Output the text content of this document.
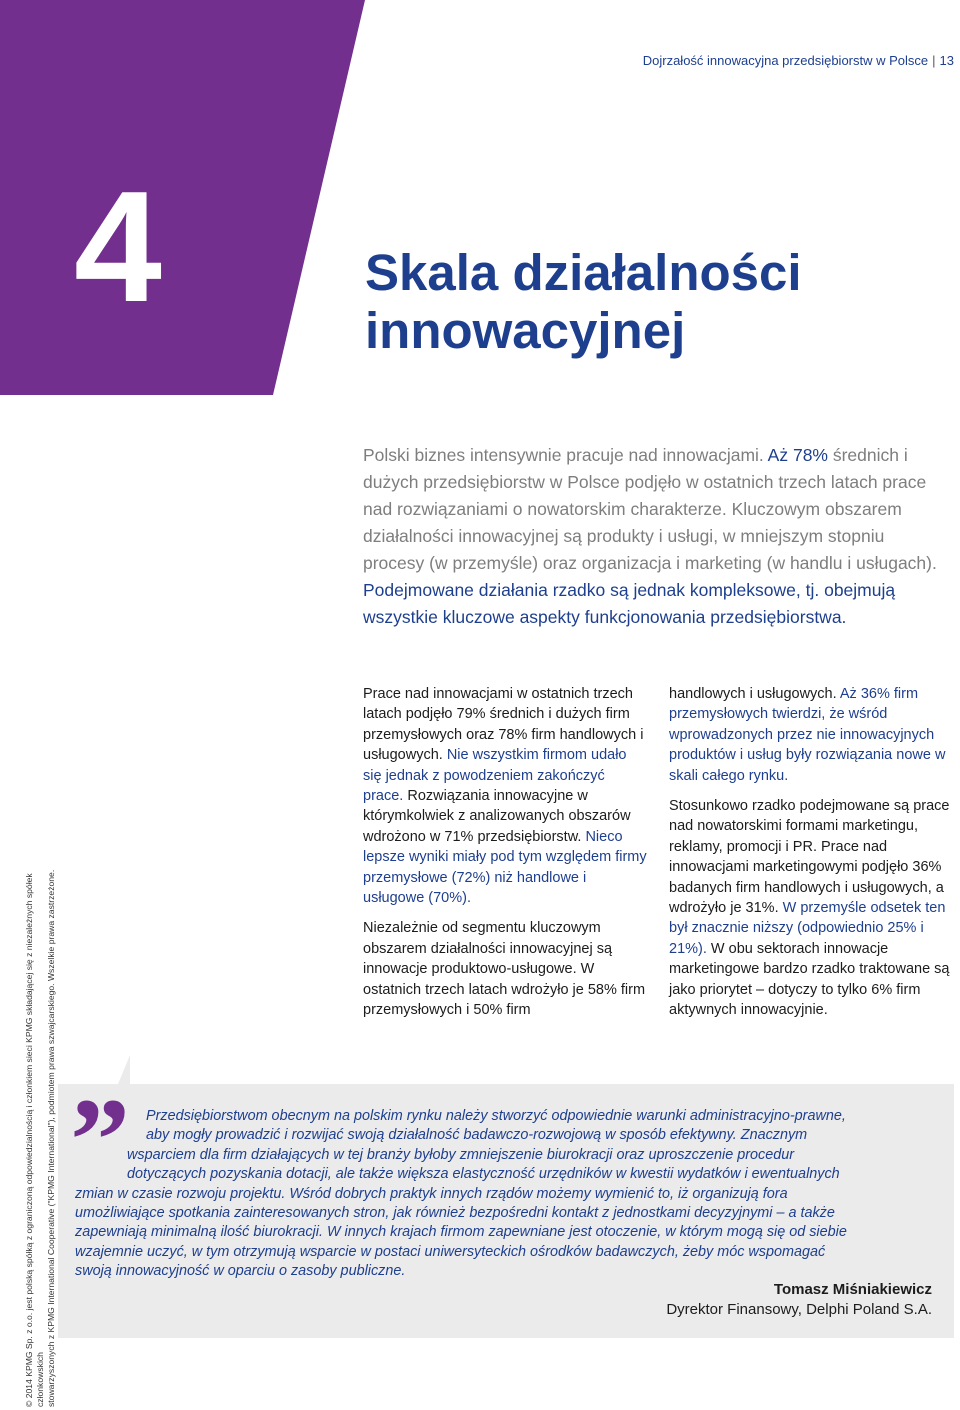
4
Dojrzałość innowacyjna przedsiębiorstw w Polsce | 13
Skala działalności
innowacyjnej

Polski biznes intensywnie pracuje nad innowacjami. Aż 78% średnich i dużych przedsiębiorstw w Polsce podjęło w ostatnich trzech latach prace nad rozwiązaniami o nowatorskim charakterze. Kluczowym obszarem działalności innowacyjnej są produkty i usługi, w mniejszym stopniu procesy (w przemyśle) oraz organizacja i marketing (w handlu i usługach). Podejmowane działania rzadko są jednak kompleksowe, tj. obejmują wszystkie kluczowe aspekty funkcjonowania przedsiębiorstwa.

Prace nad innowacjami w ostatnich trzech latach podjęło 79% średnich i dużych firm przemysłowych oraz 78% firm handlowych i usługowych. Nie wszystkim firmom udało się jednak z powodzeniem zakończyć prace. Rozwiązania innowacyjne w którymkolwiek z analizowanych obszarów wdrożono w 71% przedsiębiorstw. Nieco lepsze wyniki miały pod tym względem firmy przemysłowe (72%) niż handlowe i usługowe (70%).

Niezależnie od segmentu kluczowym obszarem działalności innowacyjnej są innowacje produktowo-usługowe. W ostatnich trzech latach wdrożyło je 58% firm przemysłowych i 50% firm

handlowych i usługowych. Aż 36% firm przemysłowych twierdzi, że wśród wprowadzonych przez nie innowacyjnych produktów i usług były rozwiązania nowe w skali całego rynku.

Stosunkowo rzadko podejmowane są prace nad nowatorskimi formami marketingu, reklamy, promocji i PR. Prace nad innowacjami marketingowymi podjęło 36% badanych firm handlowych i usługowych, a wdrożyło je 31%. W przemyśle odsetek ten był znacznie niższy (odpowiednio 25% i 21%). W obu sektorach innowacje marketingowe bardzo rzadko traktowane są jako priorytet – dotyczy to tylko 6% firm aktywnych innowacyjnie.

© 2014 KPMG Sp. z o.o. jest polską spółką z ograniczoną odpowiedzialnością i członkiem sieci KPMG składającej się z niezależnych spółek członkowskich stowarzyszonych z KPMG International Cooperative ("KPMG International"), podmiotem prawa szwajcarskiego. Wszelkie prawa zastrzeżone. ”	Przedsiębiorstwom obecnym na polskim rynku należy stworzyć odpowiednie warunki administracyjno-prawne,
aby mogły prowadzić i rozwijać swoją działalność badawczo-rozwojową w sposób efektywny. Znacznym
wsparciem dla firm działających w tej branży byłoby zmniejszenie biurokracji oraz uproszczenie procedur
dotyczących pozyskania dotacji, ale także większa elastyczność urzędników w kwestii wydatków i ewentualnych
zmian w czasie rozwoju projektu. Wśród dobrych praktyk innych rządów możemy wymienić to, iż organizują fora
umożliwiające spotkania zainteresowanych stron, jak również bezpośredni kontakt z jednostkami decyzyjnymi – a także
zapewniają minimalną ilość biurokracji. W innych krajach firmom zapewniane jest otoczenie, w którym mogą się od siebie
wzajemnie uczyć, w tym otrzymują wsparcie w postaci uniwersyteckich ośrodków badawczych, żeby móc wspomagać
swoją innowacyjność w oparciu o zasoby publiczne.

Tomasz Miśniakiewicz
Dyrektor Finansowy, Delphi Poland S.A.
